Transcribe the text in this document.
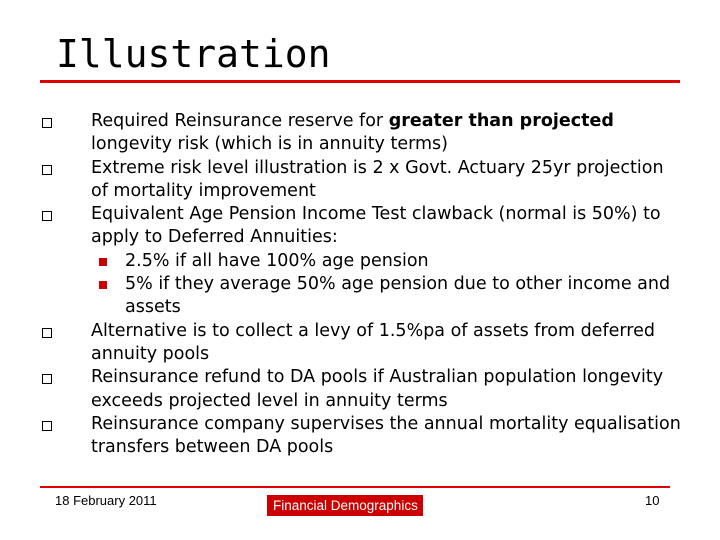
Illustration
Required Reinsurance reserve for greater than projected longevity risk (which is in annuity terms)
Extreme risk level illustration is 2 x Govt. Actuary 25yr projection of mortality improvement
Equivalent Age Pension Income Test clawback (normal is 50%) to apply to Deferred Annuities:
2.5% if all have 100% age pension
5% if they average 50% age pension due to other income and assets
Alternative is to collect a levy of 1.5%pa of assets from deferred annuity pools
Reinsurance refund to DA pools if Australian population longevity exceeds projected level in annuity terms
Reinsurance company supervises the annual mortality equalisation transfers between DA pools
18 February 2011	Financial Demographics	10
